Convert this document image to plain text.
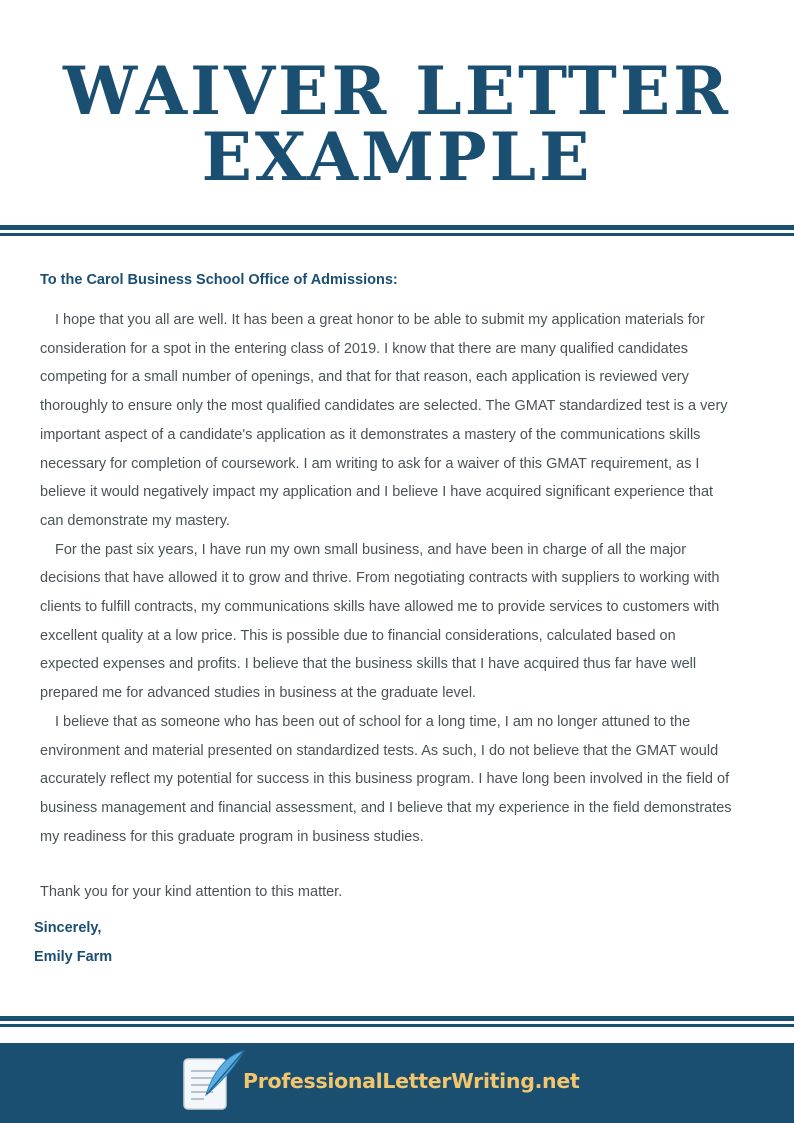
WAIVER LETTER
EXAMPLE
To the Carol Business School Office of Admissions:

I hope that you all are well. It has been a great honor to be able to submit my application materials for consideration for a spot in the entering class of 2019. I know that there are many qualified candidates competing for a small number of openings, and that for that reason, each application is reviewed very thoroughly to ensure only the most qualified candidates are selected. The GMAT standardized test is a very important aspect of a candidate's application as it demonstrates a mastery of the communications skills necessary for completion of coursework. I am writing to ask for a waiver of this GMAT requirement, as I believe it would negatively impact my application and I believe I have acquired significant experience that can demonstrate my mastery.

For the past six years, I have run my own small business, and have been in charge of all the major decisions that have allowed it to grow and thrive. From negotiating contracts with suppliers to working with clients to fulfill contracts, my communications skills have allowed me to provide services to customers with excellent quality at a low price. This is possible due to financial considerations, calculated based on expected expenses and profits. I believe that the business skills that I have acquired thus far have well prepared me for advanced studies in business at the graduate level.

I believe that as someone who has been out of school for a long time, I am no longer attuned to the environment and material presented on standardized tests. As such, I do not believe that the GMAT would accurately reflect my potential for success in this business program. I have long been involved in the field of business management and financial assessment, and I believe that my experience in the field demonstrates my readiness for this graduate program in business studies.

Thank you for your kind attention to this matter.
Sincerely,
Emily Farm
ProfessionalLetterWriting.net
